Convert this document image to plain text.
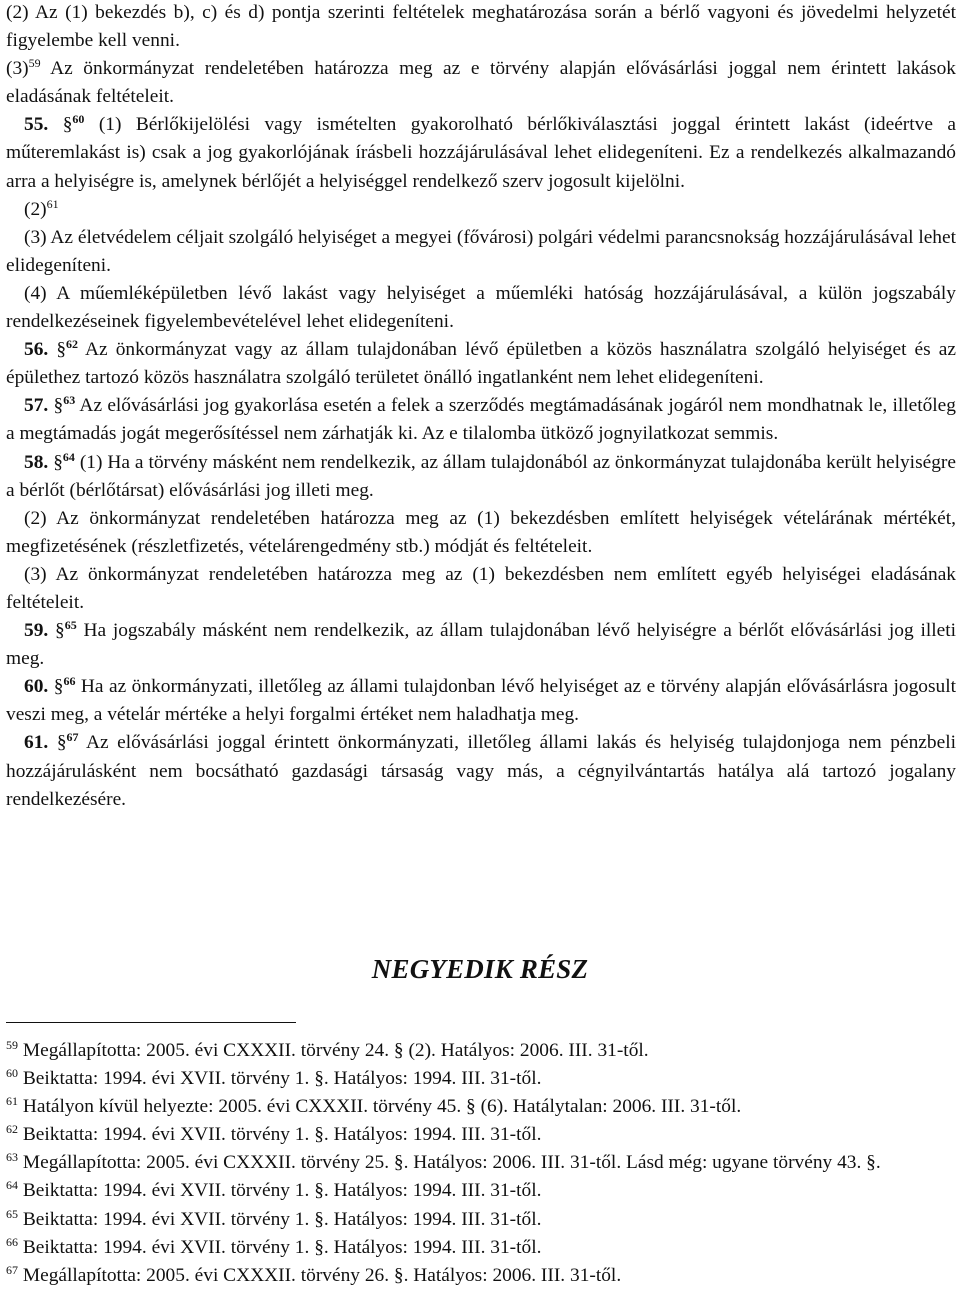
(2) Az (1) bekezdés b), c) és d) pontja szerinti feltételek meghatározása során a bérlő vagyoni és jövedelmi helyzetét figyelembe kell venni.

(3)$^{59}$ Az önkormányzat rendeletében határozza meg az e törvény alapján elővásárlási joggal nem érintett lakások eladásának feltételeit.

55. §$^{60}$ (1) Bérlőkijelölési vagy ismételten gyakorolható bérlőkiválasztási joggal érintett lakást (ideértve a műteremlakást is) csak a jog gyakorlójának írásbeli hozzájárulásával lehet elidegeníteni. Ez a rendelkezés alkalmazandó arra a helyiségre is, amelynek bérlőjét a helyiséggel rendelkező szerv jogosult kijelölni.

(2)$^{61}$

(3) Az életvédelem céljait szolgáló helyiséget a megyei (fővárosi) polgári védelmi parancsnokság hozzájárulásával lehet elidegeníteni.

(4) A műemléképületben lévő lakást vagy helyiséget a műemléki hatóság hozzájárulásával, a külön jogszabály rendelkezéseinek figyelembevételével lehet elidegeníteni.

56. §$^{62}$ Az önkormányzat vagy az állam tulajdonában lévő épületben a közös használatra szolgáló helyiséget és az épülethez tartozó közös használatra szolgáló területet önálló ingatlanként nem lehet elidegeníteni.

57. §$^{63}$ Az elővásárlási jog gyakorlása esetén a felek a szerződés megtámadásának jogáról nem mondhatnak le, illetőleg a megtámadás jogát megerősítéssel nem zárhatják ki. Az e tilalomba ütköző jognyilatkozat semmis.

58. §$^{64}$ (1) Ha a törvény másként nem rendelkezik, az állam tulajdonából az önkormányzat tulajdonába került helyiségre a bérlőt (bérlőtársat) elővásárlási jog illeti meg.

(2) Az önkormányzat rendeletében határozza meg az (1) bekezdésben említett helyiségek vételárának mértékét, megfizetésének (részletfizetés, vételárengedmény stb.) módját és feltételeit.

(3) Az önkormányzat rendeletében határozza meg az (1) bekezdésben nem említett egyéb helyiségei eladásának feltételeit.

59. §$^{65}$ Ha jogszabály másként nem rendelkezik, az állam tulajdonában lévő helyiségre a bérlőt elővásárlási jog illeti meg.

60. §$^{66}$ Ha az önkormányzati, illetőleg az állami tulajdonban lévő helyiséget az e törvény alapján elővásárlásra jogosult veszi meg, a vételár mértéke a helyi forgalmi értéket nem haladhatja meg.

61. §$^{67}$ Az elővásárlási joggal érintett önkormányzati, illetőleg állami lakás és helyiség tulajdonjoga nem pénzbeli hozzájárulásként nem bocsátható gazdasági társaság vagy más, a cégnyilvántartás hatálya alá tartozó jogalany rendelkezésére.

NEGYEDIK RÉSZ

$^{59}$ Megállapította: 2005. évi CXXXII. törvény 24. § (2). Hatályos: 2006. III. 31-től.

$^{60}$ Beiktatta: 1994. évi XVII. törvény 1. §. Hatályos: 1994. III. 31-től.

$^{61}$ Hatályon kívül helyezte: 2005. évi CXXXII. törvény 45. § (6). Hatálytalan: 2006. III. 31-től.

$^{62}$ Beiktatta: 1994. évi XVII. törvény 1. §. Hatályos: 1994. III. 31-től.

$^{63}$ Megállapította: 2005. évi CXXXII. törvény 25. §. Hatályos: 2006. III. 31-től. Lásd még: ugyane törvény 43. §.

$^{64}$ Beiktatta: 1994. évi XVII. törvény 1. §. Hatályos: 1994. III. 31-től.

$^{65}$ Beiktatta: 1994. évi XVII. törvény 1. §. Hatályos: 1994. III. 31-től.

$^{66}$ Beiktatta: 1994. évi XVII. törvény 1. §. Hatályos: 1994. III. 31-től.

$^{67}$ Megállapította: 2005. évi CXXXII. törvény 26. §. Hatályos: 2006. III. 31-től.
